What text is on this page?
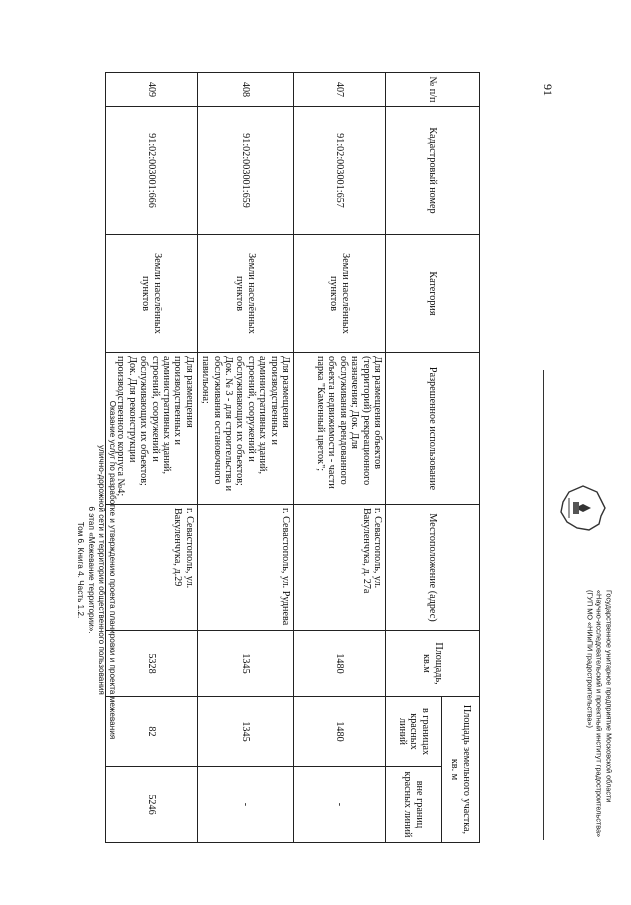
Оказание услуг по разработке и утверждению проекта планировки и проекта межевания
улично-дорожной сети и территории общественного пользования
6 этап «Межевание территории».
Том 6. Книга 4. Часть 1.2.
91
№ п/п	Кадастровый номер	Категория	Разрешенное использование	Местоположение (адрес)	Площадь, кв.м	Площадь земельного участка, кв. м	
						в границах красных линий	вне границ красных линий
407	91:02:003001:657	Земли населённых пунктов	Для размещения объектов (территорий) рекреационного назначения; Док. Для обслуживания арендованного объекта недвижимости - части парка "Каменный цветок";	г. Севастополь, ул. Вакуленчука, д. 27а	1480	1480	-
408	91:02:003001:659	Земли населённых пунктов	Для размещения производственных и административных зданий, строений, сооружений и обслуживающих их объектов; Док. № 3 - для строительства и обслуживания остановочного павильона;	г. Севастополь, ул. Руднева	1345	1345	-
409	91:02:003001:666	Земли населённых пунктов	Для размещения производственных и административных зданий, строений, сооружений и обслуживающих их объектов; Док. Для реконструкции производственного корпуса №4;	г. Севастополь, ул. Вакуленчука, д.29	5328	82	5246
Государственное унитарное предприятие Московской области
«Научно-исследовательский и проектный институт градостроительства»
(ГУП МО «НИиПИ градостроительства»)
